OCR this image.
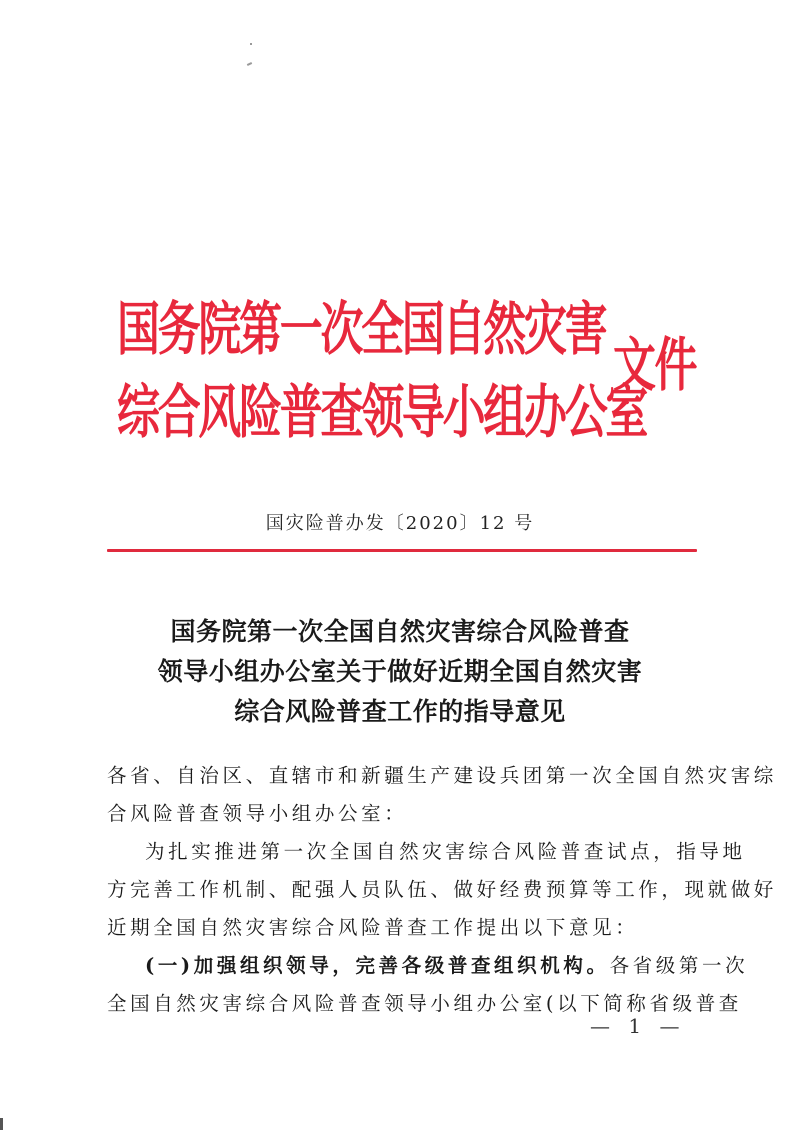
国务院第一次全国自然灾害
综合风险普查领导小组办公室
文件
国灾险普办发〔2020〕12 号
国务院第一次全国自然灾害综合风险普查
领导小组办公室关于做好近期全国自然灾害
综合风险普查工作的指导意见
各省、自治区、直辖市和新疆生产建设兵团第一次全国自然灾害综
合风险普查领导小组办公室：
为扎实推进第一次全国自然灾害综合风险普查试点，指导地
方完善工作机制、配强人员队伍、做好经费预算等工作，现就做好
近期全国自然灾害综合风险普查工作提出以下意见：
(一)加强组织领导，完善各级普查组织机构。各省级第一次
全国自然灾害综合风险普查领导小组办公室(以下简称省级普查
— 1 —
